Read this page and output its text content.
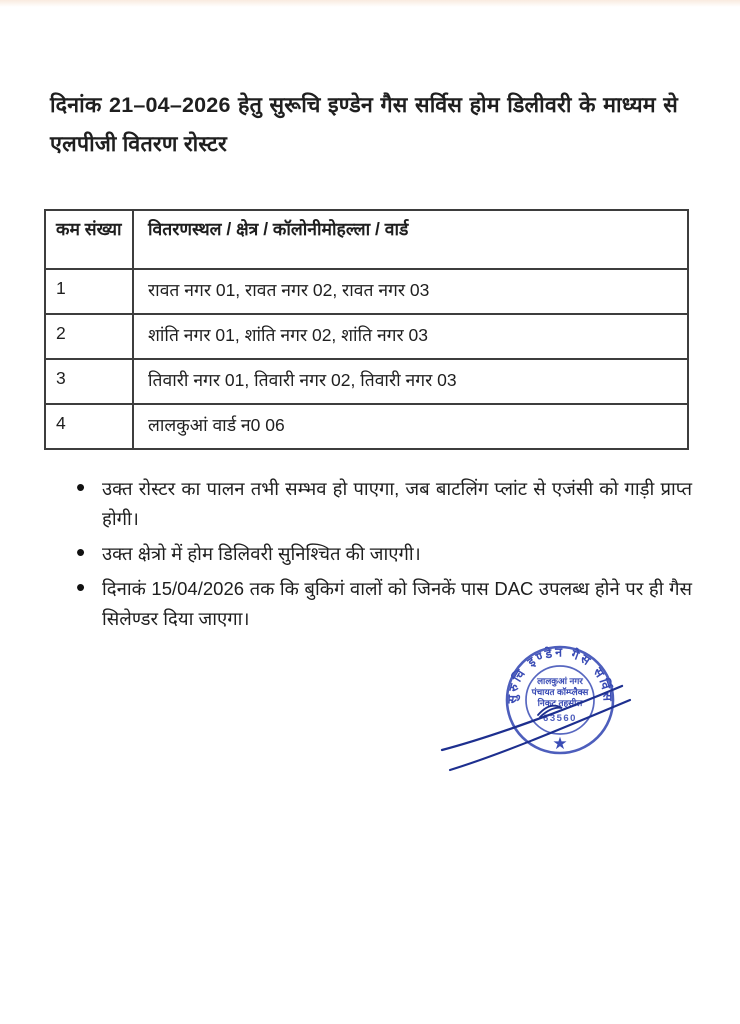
दिनांक 21–04–2026 हेतु सुरूचि इण्डेन गैस सर्विस होम डिलीवरी के माध्यम से एलपीजी वितरण रोस्टर
कम संख्या	वितरणस्थल / क्षेत्र / कॉलोनीमोहल्ला / वार्ड
1	रावत नगर 01, रावत नगर 02, रावत नगर 03
2	शांति नगर 01, शांति नगर 02, शांति नगर 03
3	तिवारी नगर 01, तिवारी नगर 02, तिवारी नगर 03
4	लालकुआं वार्ड न0 06
• उक्त रोस्टर का पालन तभी सम्भव हो पाएगा, जब बाटलिंग प्लांट से एजंसी को गाड़ी प्राप्त होगी।
• उक्त क्षेत्रो में होम डिलिवरी सुनिश्चित की जाएगी।
• दिनाकं 15/04/2026 तक कि बुकिगं वालों को जिनकें पास DAC उपलब्ध होने पर ही गैस सिलेण्डर दिया जाएगा।
सुरुचि इण्डेन गैस सर्विस
लालकुआं नगर
पंचायत कॉम्प्लैक्स
निकट तहसील
63560
★
